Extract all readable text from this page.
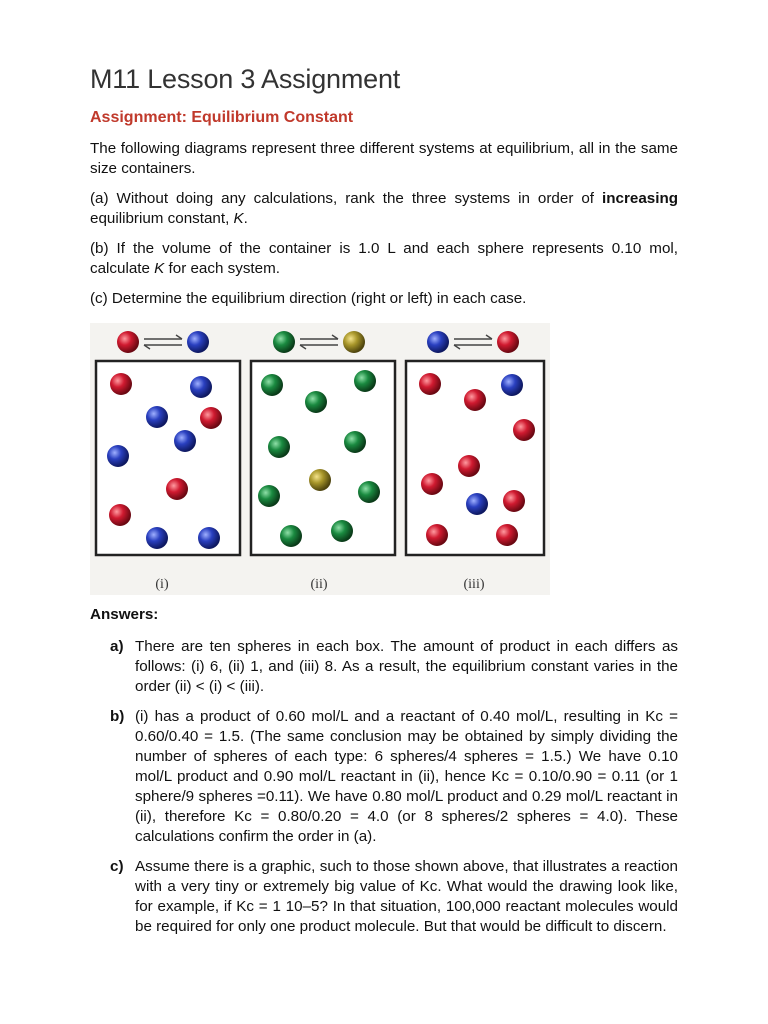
M11 Lesson 3 Assignment
Assignment: Equilibrium Constant

The following diagrams represent three different systems at equilibrium, all in the same size containers.

(a) Without doing any calculations, rank the three systems in order of increasing equilibrium constant, K.

(b) If the volume of the container is 1.0 L and each sphere represents 0.10 mol, calculate K for each system.

(c) Determine the equilibrium direction (right or left) in each case.

(i)	(ii)	(iii)

Answers:

a) There are ten spheres in each box. The amount of product in each differs as follows: (i) 6, (ii) 1, and (iii) 8. As a result, the equilibrium constant varies in the order (ii) < (i) < (iii).
b) (i) has a product of 0.60 mol/L and a reactant of 0.40 mol/L, resulting in Kc = 0.60/0.40 = 1.5. (The same conclusion may be obtained by simply dividing the number of spheres of each type: 6 spheres/4 spheres = 1.5.) We have 0.10 mol/L product and 0.90 mol/L reactant in (ii), hence Kc = 0.10/0.90 = 0.11 (or 1 sphere/9 spheres =0.11). We have 0.80 mol/L product and 0.29 mol/L reactant in (ii), therefore Kc = 0.80/0.20 = 4.0 (or 8 spheres/2 spheres = 4.0). These calculations confirm the order in (a).
c) Assume there is a graphic, such to those shown above, that illustrates a reaction with a very tiny or extremely big value of Kc. What would the drawing look like, for example, if Kc = 1 10–5? In that situation, 100,000 reactant molecules would be required for only one product molecule. But that would be difficult to discern.
